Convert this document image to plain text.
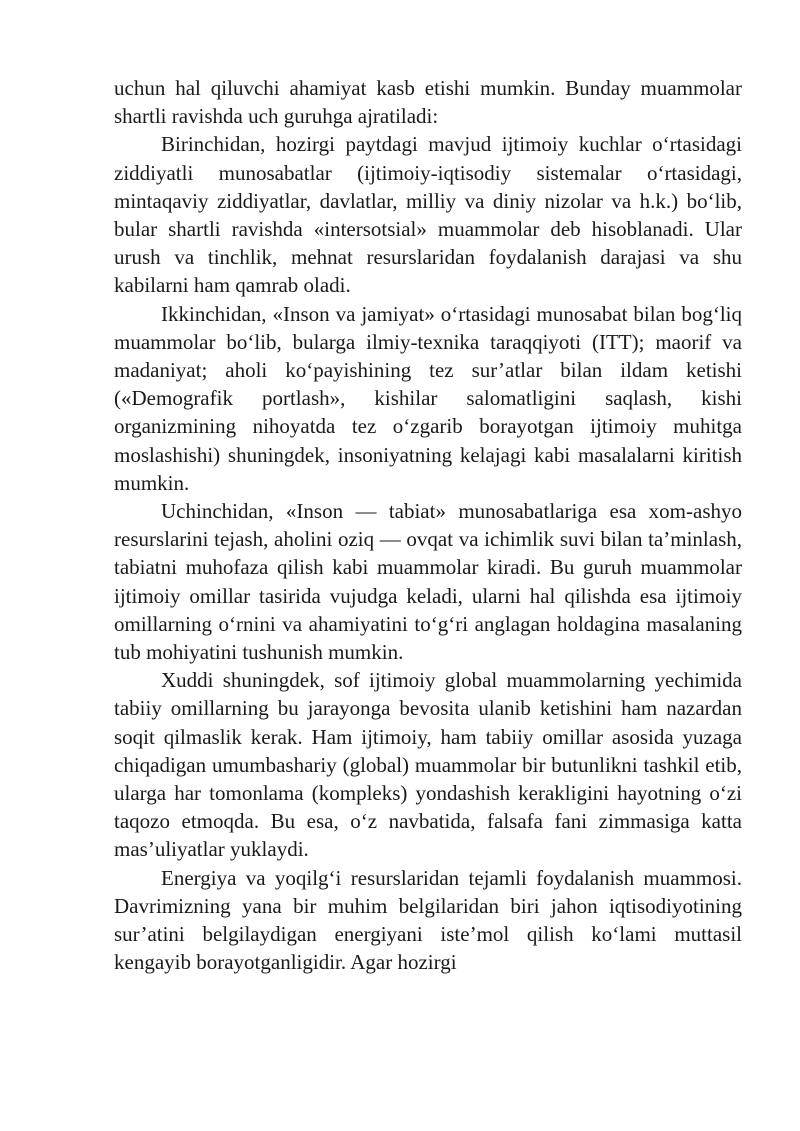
uchun hal qiluvchi ahamiyat kasb etishi mumkin. Bunday muammolar shartli ravishda uch guruhga ajratiladi:

Birinchidan, hozirgi paytdagi mavjud ijtimoiy kuchlar oʻrtasidagi ziddiyatli munosabatlar (ijtimoiy-iqtisodiy sistemalar oʻrtasidagi, mintaqaviy ziddiyatlar, davlatlar, milliy va diniy nizolar va h.k.) boʻlib, bular shartli ravishda «intersotsial» muammolar deb hisoblanadi. Ular urush va tinchlik, mehnat resurslaridan foydalanish darajasi va shu kabilarni ham qamrab oladi.

Ikkinchidan, «Inson va jamiyat» oʻrtasidagi munosabat bilan bogʻliq muammolar boʻlib, bularga ilmiy-texnika taraqqiyoti (ITT); maorif va madaniyat; aholi koʻpayishining tez sur’atlar bilan ildam ketishi («Demografik portlash», kishilar salomatligini saqlash, kishi organizmining nihoyatda tez oʻzgarib borayotgan ijtimoiy muhitga moslashishi) shuningdek, insoniyatning kelajagi kabi masalalarni kiritish mumkin.

Uchinchidan, «Inson — tabiat» munosabatlariga esa xom-ashyo resurslarini tejash, aholini oziq — ovqat va ichimlik suvi bilan ta’minlash, tabiatni muhofaza qilish kabi muammolar kiradi. Bu guruh muammolar ijtimoiy omillar tasirida vujudga keladi, ularni hal qilishda esa ijtimoiy omillarning oʻrnini va ahamiyatini toʻgʻri anglagan holdagina masalaning tub mohiyatini tushunish mumkin.

Xuddi shuningdek, sof ijtimoiy global muammolarning yechimida tabiiy omillarning bu jarayonga bevosita ulanib ketishini ham nazardan soqit qilmaslik kerak. Ham ijtimoiy, ham tabiiy omillar asosida yuzaga chiqadigan umumbashariy (global) muammolar bir butunlikni tashkil etib, ularga har tomonlama (kompleks) yondashish kerakligini hayotning oʻzi taqozo etmoqda. Bu esa, oʻz navbatida, falsafa fani zimmasiga katta mas’uliyatlar yuklaydi.

Energiya va yoqilgʻi resurslaridan tejamli foydalanish muammosi. Davrimizning yana bir muhim belgilaridan biri jahon iqtisodiyotining sur’atini belgilaydigan energiyani iste’mol qilish koʻlami muttasil kengayib borayotganligidir. Agar hozirgi
